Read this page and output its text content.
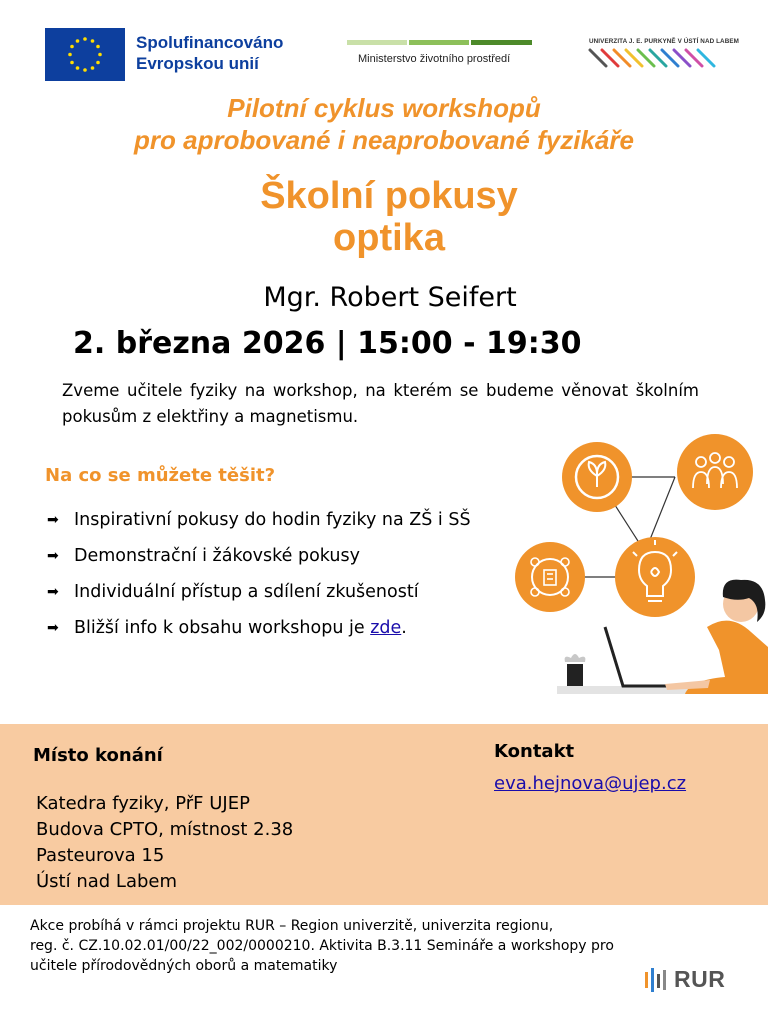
Spolufinancováno
Evropskou unií	Ministerstvo životního prostředí
UNIVERZITA J. E. PURKYNĚ V ÚSTÍ NAD LABEM
Pilotní cyklus workshopů
pro aprobované i neaprobované fyzikáře
Školní pokusy
optika
Mgr. Robert Seifert
2. března 2026 | 15:00 - 19:30
Zveme učitele fyziky na workshop, na kterém se budeme věnovat školním pokusům z elektřiny a magnetismu.
Na co se můžete těšit?
➡ Inspirativní pokusy do hodin fyziky na ZŠ i SŠ
➡ Demonstrační i žákovské pokusy
➡ Individuální přístup a sdílení zkušeností
➡ Bližší info k obsahu workshopu je zde.
Místo konání
Katedra fyziky, PřF UJEP
Budova CPTO, místnost 2.38
Pasteurova 15
Ústí nad Labem
Kontakt
eva.hejnova@ujep.cz
Akce probíhá v rámci projektu RUR – Region univerzitě, univerzita regionu,
reg. č. CZ.10.02.01/00/22_002/0000210. Aktivita B.3.11 Semináře a workshopy pro
učitele přírodovědných oborů a matematiky	RUR
